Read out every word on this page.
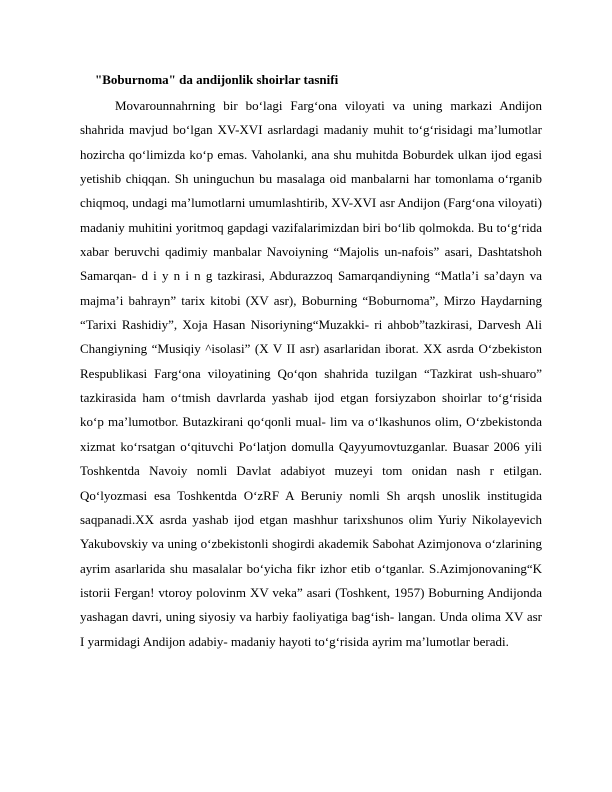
"Boburnoma" da andijonlik shoirlar tasnifi

Movarounnahrning bir boʻlagi Fargʻona viloyati va uning markazi Andijon shahrida mavjud boʻlgan XV-XVI asrlardagi madaniy muhit toʻgʻrisidagi maʼlumotlar hozircha qoʻlimizda koʻp emas. Vaholanki, ana shu muhitda Boburdek ulkan ijod egasi yetishib chiqqan. Sh uninguchun bu masalaga oid manbalarni har tomonlama oʻrganib chiqmoq, undagi maʼlumotlarni umumlashtirib, XV-XVI asr Andijon (Fargʻona viloyati) madaniy muhitini yoritmoq gapdagi vazifalarimizdan biri boʻlib qolmokda. Bu toʻgʻrida xabar beruvchi qadimiy manbalar Navoiyning “Majolis un-nafois” asari, Dashtatshoh Samarqan- d i y n i n g tazkirasi, Abdurazzoq Samarqandiyning “Matlaʼi saʼdayn va majmaʼi bahrayn” tarix kitobi (XV asr), Boburning “Boburnoma”, Mirzo Haydarning “Tarixi Rashidiy”, Xoja Hasan Nisoriyning“Muzakki- ri ahbob”tazkirasi, Darvesh Ali Changiyning “Musiqiy ^isolasi” (X V II asr) asarlaridan iborat. XX asrda Oʻzbekiston Respublikasi Fargʻona viloyatining Qoʻqon shahrida tuzilgan “Tazkirat ush-shuaro” tazkirasida ham oʻtmish davrlarda yashab ijod etgan forsiyzabon shoirlar toʻgʻrisida koʻp maʼlumotbor. Butazkirani qoʻqonli mual- lim va oʻlkashunos olim, Oʻzbekistonda xizmat koʻrsatgan oʻqituvchi Poʻlatjon domulla Qayyumovtuzganlar. Buasar 2006 yili Toshkentda Navoiy nomli Davlat adabiyot muzeyi tom onidan nash r etilgan. Qoʻlyozmasi esa Toshkentda OʻzRF A Beruniy nomli Sh arqsh unoslik institugida saqpanadi.XX asrda yashab ijod etgan mashhur tarixshunos olim Yuriy Nikolayevich Yakubovskiy va uning oʻzbekistonli shogirdi akademik Sabohat Azimjonova oʻzlarining ayrim asarlarida shu masalalar boʻyicha fikr izhor etib oʻtganlar. S.Azimjonovaning“K istorii Fergan! vtoroy polovinm XV veka” asari (Toshkent, 1957) Boburning Andijonda yashagan davri, uning siyosiy va harbiy faoliyatiga bagʻish- langan. Unda olima XV asr I yarmidagi Andijon adabiy- madaniy hayoti toʻgʻrisida ayrim maʼlumotlar beradi.
